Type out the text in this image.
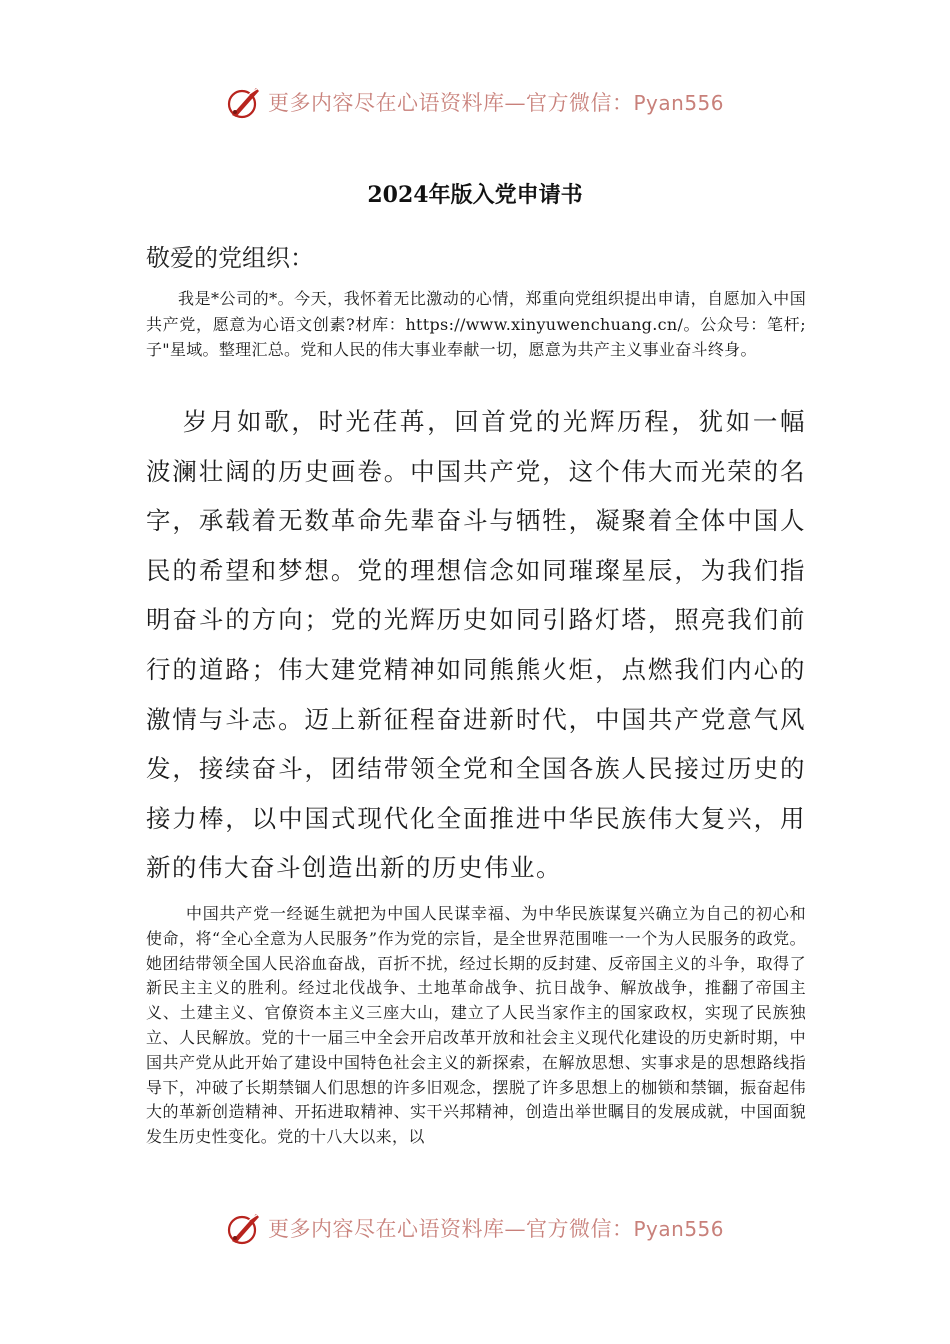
更多内容尽在心语资料库—官方微信：Pyan556
2024年版入党申请书

敬爱的党组织：

我是*公司的*。今天，我怀着无比激动的心情，郑重向党组织提出申请，自愿加入中国共产党，愿意为心语文创素?材库：https://www.xinyuwenchuang.cn/。公众号：笔杆;子"星域。整理汇总。党和人民的伟大事业奉献一切，愿意为共产主义事业奋斗终身。

岁月如歌，时光荏苒，回首党的光辉历程，犹如一幅波澜壮阔的历史画卷。中国共产党，这个伟大而光荣的名字，承载着无数革命先辈奋斗与牺牲，凝聚着全体中国人民的希望和梦想。党的理想信念如同璀璨星辰，为我们指明奋斗的方向；党的光辉历史如同引路灯塔，照亮我们前行的道路；伟大建党精神如同熊熊火炬，点燃我们内心的激情与斗志。迈上新征程奋进新时代，中国共产党意气风发，接续奋斗，团结带领全党和全国各族人民接过历史的接力棒，以中国式现代化全面推进中华民族伟大复兴，用新的伟大奋斗创造出新的历史伟业。

中国共产党一经诞生就把为中国人民谋幸福、为中华民族谋复兴确立为自己的初心和使命，将“全心全意为人民服务”作为党的宗旨，是全世界范围唯一一个为人民服务的政党。她团结带领全国人民浴血奋战，百折不扰，经过长期的反封建、反帝国主义的斗争，取得了新民主主义的胜利。经过北伐战争、土地革命战争、抗日战争、解放战争，推翻了帝国主义、土建主义、官僚资本主义三座大山，建立了人民当家作主的国家政权，实现了民族独立、人民解放。党的十一届三中全会开启改革开放和社会主义现代化建设的历史新时期，中国共产党从此开始了建设中国特色社会主义的新探索，在解放思想、实事求是的思想路线指导下，冲破了长期禁锢人们思想的许多旧观念，摆脱了许多思想上的枷锁和禁锢，振奋起伟大的革新创造精神、开拓进取精神、实干兴邦精神，创造出举世瞩目的发展成就，中国面貌发生历史性变化。党的十八大以来，以

更多内容尽在心语资料库—官方微信：Pyan556
